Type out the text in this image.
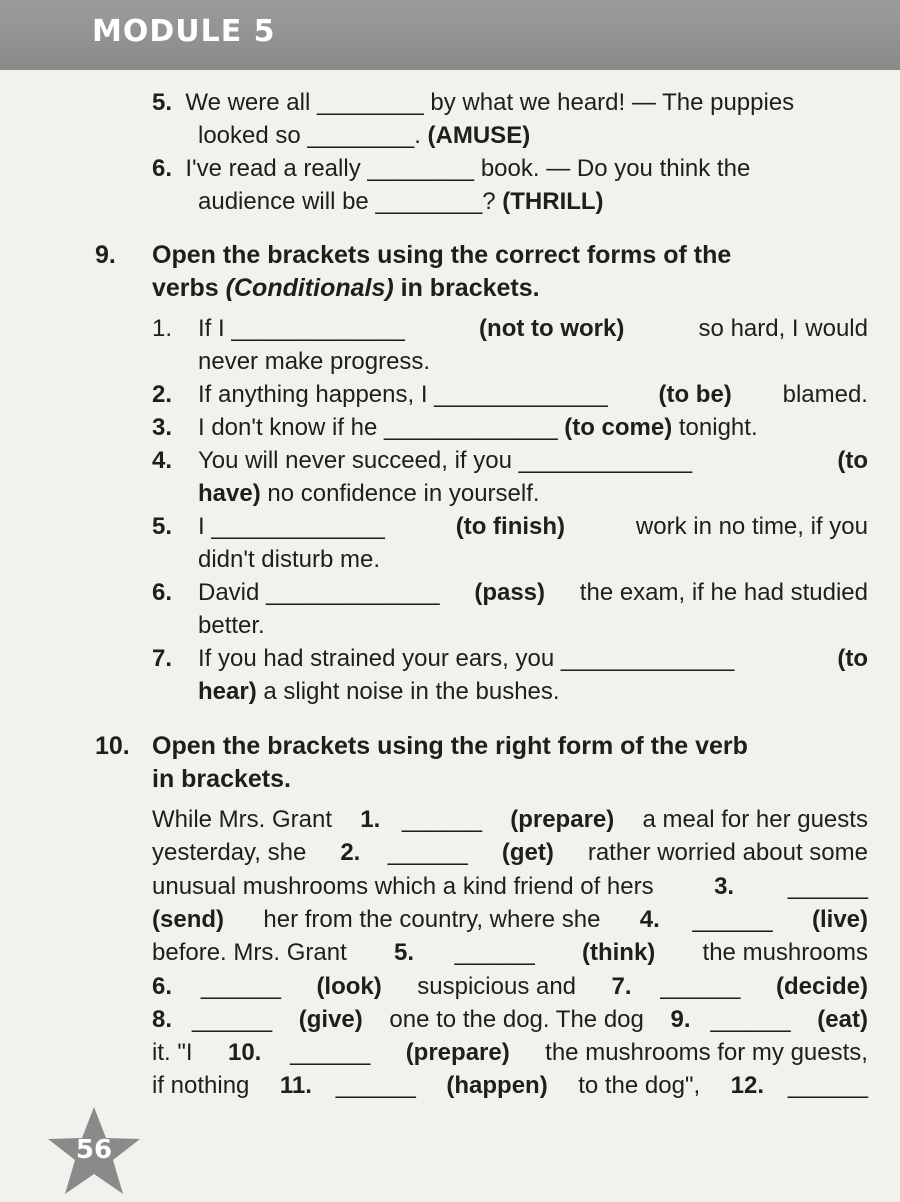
MODULE 5
5. We were all ________ by what we heard! — The puppies
looked so ________. (AMUSE)
6. I've read a really ________ book. — Do you think the
audience will be ________? (THRILL)
9. Open the brackets using the correct forms of the
verbs (Conditionals) in brackets.
1. If I _____________	(not to work)	so hard, I would
never make progress.
2. If anything happens, I _____________ (to be) blamed.
3. I don't know if he _____________ (to come) tonight.
4. You will never succeed, if you _____________	(to
have) no confidence in yourself.
5. I _____________	(to finish)	work in no time, if you
didn't disturb me.
6. David _____________ (pass) the exam, if he had studied
better.
7. If you had strained your ears, you _____________	(to
hear) a slight noise in the bushes.
10. Open the brackets using the right form of the verb
in brackets.
While Mrs. Grant 1. ______ (prepare) a meal for her guests
yesterday, she 2. ______ (get) rather worried about some
unusual mushrooms which a kind friend of hers 3. ______
(send) her from the country, where she 4. ______ (live)
before. Mrs. Grant 5. ______ (think) the mushrooms
6. ______ (look) suspicious and 7. ______ (decide)
8. ______ (give) one to the dog. The dog 9. ______ (eat)
it. "I 10. ______ (prepare) the mushrooms for my guests,
if nothing 11. ______ (happen) to the dog", 12. ______
56
